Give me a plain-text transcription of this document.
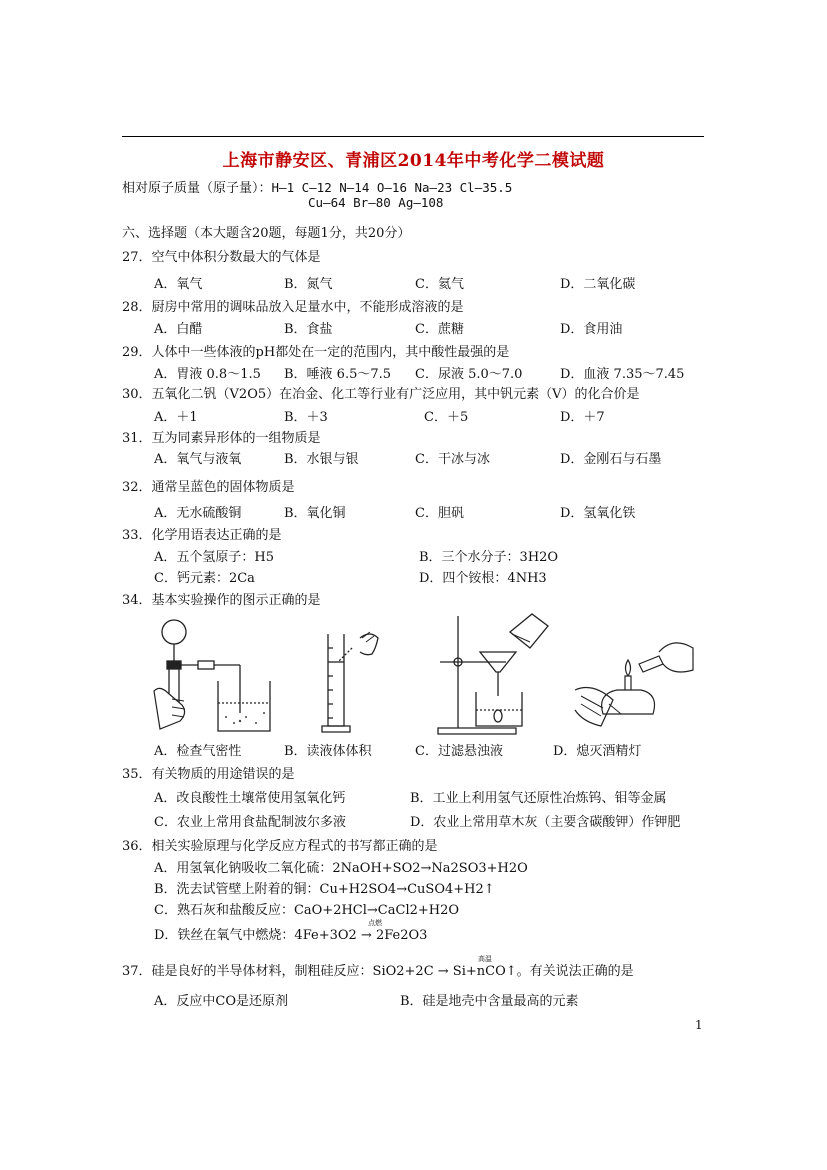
上海市静安区、青浦区2014年中考化学二模试题
相对原子质量（原子量）：H—1 C—12 N—14 O—16 Na—23 Cl—35.5
Cu—64 Br—80 Ag—108
六、选择题（本大题含20题，每题1分，共20分）
27．空气中体积分数最大的气体是
A．氧气	B．氮气	C．氦气	D．二氧化碳
28．厨房中常用的调味品放入足量水中，不能形成溶液的是
A．白醋	B．食盐	C．蔗糖	D．食用油
29．人体中一些体液的pH都处在一定的范围内，其中酸性最强的是
A．胃液 0.8～1.5 B．唾液 6.5～7.5 C．尿液 5.0～7.0	D．血液 7.35～7.45
30．五氧化二钒（V2O5）在冶金、化工等行业有广泛应用，其中钒元素（V）的化合价是
A．＋1	B．＋3	C．＋5	D．＋7
31．互为同素异形体的一组物质是
A．氧气与液氧	B．水银与银	C．干冰与冰	D．金刚石与石墨
32．通常呈蓝色的固体物质是
A．无水硫酸铜	B．氧化铜	C．胆矾	D．氢氧化铁
33．化学用语表达正确的是
A．五个氢原子：H5	B．三个水分子：3H2O
C．钙元素：2Ca	D．四个铵根：4NH3
34．基本实验操作的图示正确的是
A．检查气密性	B．读液体体积	C．过滤悬浊液	D．熄灭酒精灯
35．有关物质的用途错误的是
A．改良酸性土壤常使用氢氧化钙	B．工业上利用氢气还原性冶炼钨、钼等金属
C．农业上常用食盐配制波尔多液	D．农业上常用草木灰（主要含碳酸钾）作钾肥
36．相关实验原理与化学反应方程式的书写都正确的是
A．用氢氧化钠吸收二氧化硫：2NaOH+SO2→Na2SO3+H2O
B．洗去试管壁上附着的铜：Cu+H2SO4→CuSO4+H2↑
C．熟石灰和盐酸反应：CaO+2HCl→CaCl2+H2O
D．铁丝在氧气中燃烧：4Fe+3O2 → 2Fe2O3
点燃
37．硅是良好的半导体材料，制粗硅反应：SiO2+2C → Si+nCO↑。有关说法正确的是
高温
A．反应中CO是还原剂	B．硅是地壳中含量最高的元素
1
